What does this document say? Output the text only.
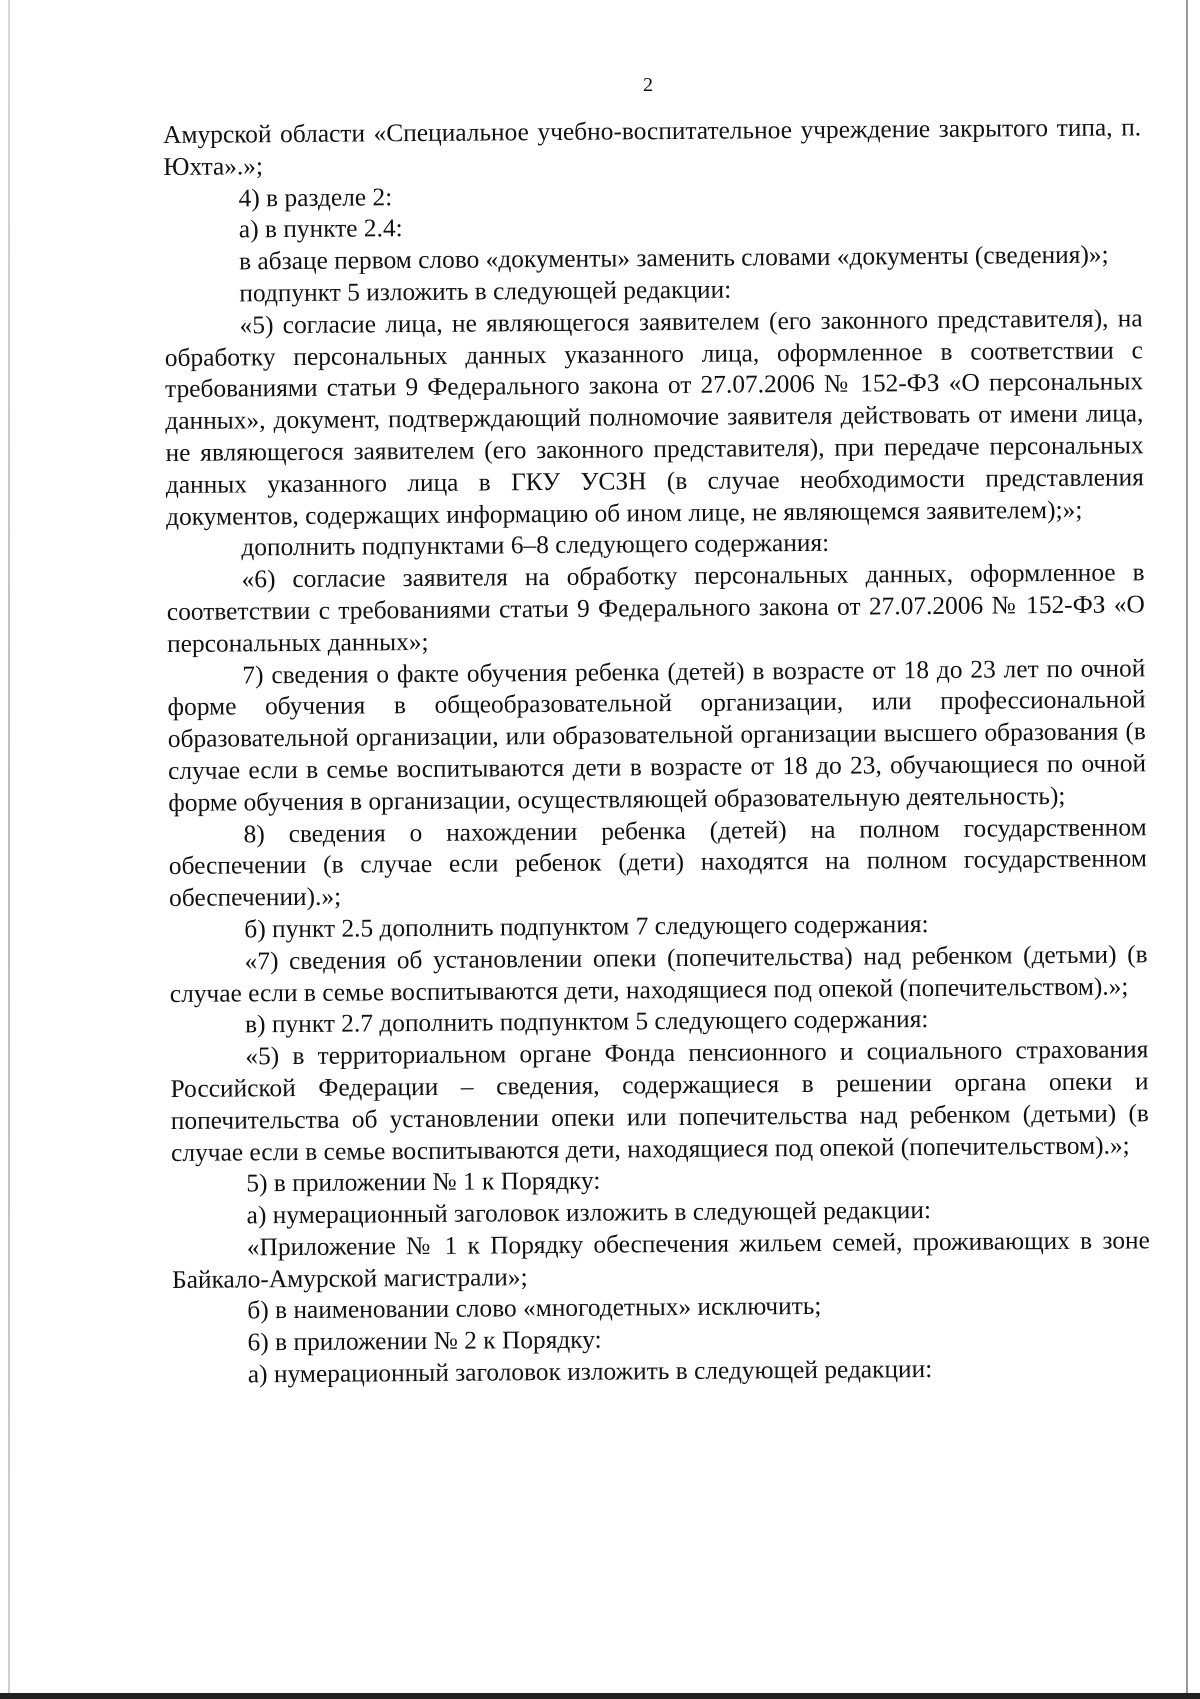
2

Амурской области «Специальное учебно-воспитательное учреждение закрытого типа, п. Юхта».»;

4) в разделе 2:

а) в пункте 2.4:

в абзаце первом слово «документы» заменить словами «документы (сведения)»;

подпункт 5 изложить в следующей редакции:

«5) согласие лица, не являющегося заявителем (его законного представителя), на обработку персональных данных указанного лица, оформленное в соответствии с требованиями статьи 9 Федерального закона от 27.07.2006 № 152-ФЗ «О персональных данных», документ, подтверждающий полномочие заявителя действовать от имени лица, не являющегося заявителем (его законного представителя), при передаче персональных данных указанного лица в ГКУ УСЗН (в случае необходимости представления документов, содержащих информацию об ином лице, не являющемся заявителем);»;

дополнить подпунктами 6–8 следующего содержания:

«6) согласие заявителя на обработку персональных данных, оформленное в соответствии с требованиями статьи 9 Федерального закона от 27.07.2006 № 152-ФЗ «О персональных данных»;

7) сведения о факте обучения ребенка (детей) в возрасте от 18 до 23 лет по очной форме обучения в общеобразовательной организации, или профессиональной образовательной организации, или образовательной организации высшего образования (в случае если в семье воспитываются дети в возрасте от 18 до 23, обучающиеся по очной форме обучения в организации, осуществляющей образовательную деятельность);

8) сведения о нахождении ребенка (детей) на полном государственном обеспечении (в случае если ребенок (дети) находятся на полном государственном обеспечении).»;

б) пункт 2.5 дополнить подпунктом 7 следующего содержания:

«7) сведения об установлении опеки (попечительства) над ребенком (детьми) (в случае если в семье воспитываются дети, находящиеся под опекой (попечительством).»;

в) пункт 2.7 дополнить подпунктом 5 следующего содержания:

«5) в территориальном органе Фонда пенсионного и социального страхования Российской Федерации – сведения, содержащиеся в решении органа опеки и попечительства об установлении опеки или попечительства над ребенком (детьми) (в случае если в семье воспитываются дети, находящиеся под опекой (попечительством).»;

5) в приложении № 1 к Порядку:

а) нумерационный заголовок изложить в следующей редакции:

«Приложение № 1 к Порядку обеспечения жильем семей, проживающих в зоне Байкало-Амурской магистрали»;

б) в наименовании слово «многодетных» исключить;

6) в приложении № 2 к Порядку:

а) нумерационный заголовок изложить в следующей редакции:
